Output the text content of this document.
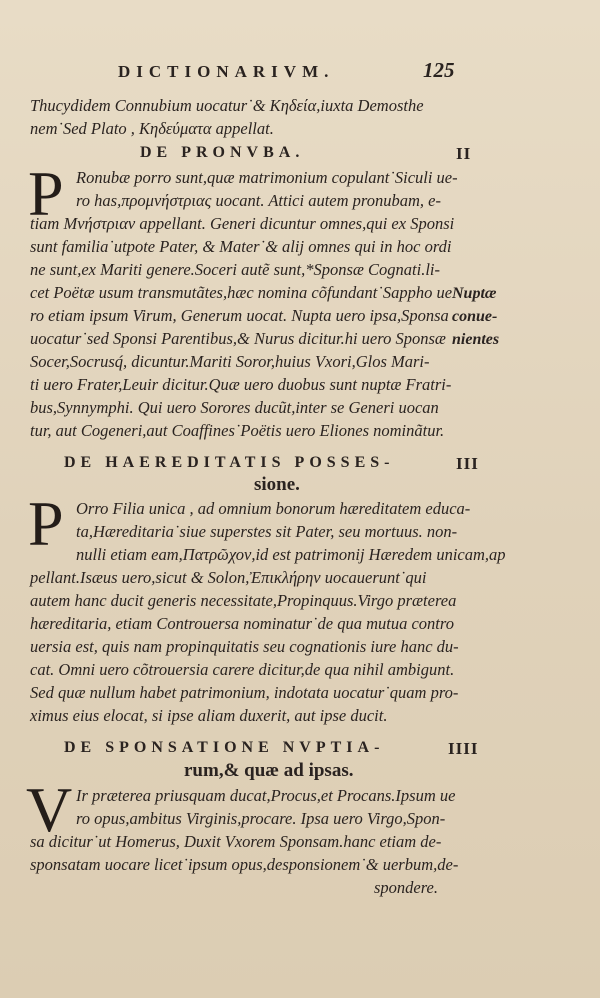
DICTIONARIVM.	125
Thucydidem Connubium uocatur˙& Κηδεία,iuxta Demosthe
nem˙Sed Plato , Κηδεύματα appellat.
DE PRONVBA.	II
P Ronubæ porro sunt,quæ matrimonium copulant˙Siculi ue-
ro has,προμνήστριας uocant. Attici autem pronubam, e-
tiam Μνήστριαν appellant. Generi dicuntur omnes,qui ex Sponsi
sunt familia˙utpote Pater, & Mater˙& alij omnes qui in hoc ordi
ne sunt,ex Mariti genere.Soceri autẽ sunt,*Sponsæ Cognati.li-
cet Poëtæ usum transmutãtes,hæc nomina cõfundant˙Sappho ue
ro etiam ipsum Virum, Generum uocat. Nupta uero ipsa,Sponsa
uocatur˙sed Sponsi Parentibus,& Nurus dicitur.hi uero Sponsæ
Socer,Socrusq́, dicuntur.Mariti Soror,huius Vxori,Glos Mari-
ti uero Frater,Leuir dicitur.Quæ uero duobus sunt nuptæ Fratri-
bus,Synnymphi. Qui uero Sorores ducũt,inter se Generi uocan
tur, aut Cogeneri,aut Coaffines˙Poëtis uero Eliones nominãtur.
Nuptæ
conue-
nientes
DE HAEREDITATIS POSSES-	III
sione.
P Orro Filia unica , ad omnium bonorum hæreditatem educa-
ta,Hæreditaria˙siue superstes sit Pater, seu mortuus. non-
nulli etiam eam,Πατρῶχον,id est patrimonij Hæredem unicam,ap
pellant.Isæus uero,sicut & Solon,Ἐπικλήρην uocauerunt˙qui
autem hanc ducit generis necessitate,Propinquus.Virgo præterea
hæreditaria, etiam Controuersa nominatur˙de qua mutua contro
uersia est, quis nam propinquitatis seu cognationis iure hanc du-
cat. Omni uero cõtrouersia carere dicitur,de qua nihil ambigunt.
Sed quæ nullum habet patrimonium, indotata uocatur˙quam pro-
ximus eius elocat, si ipse aliam duxerit, aut ipse ducit.
DE SPONSATIONE NVPTIA-	IIII
rum,& quæ ad ipsas.
V Ir præterea priusquam ducat,Procus,et Procans.Ipsum ue
ro opus,ambitus Virginis,procare. Ipsa uero Virgo,Spon-
sa dicitur˙ut Homerus, Duxit Vxorem Sponsam.hanc etiam de-
sponsatam uocare licet˙ipsum opus,desponsionem˙& uerbum,de-
spondere.
